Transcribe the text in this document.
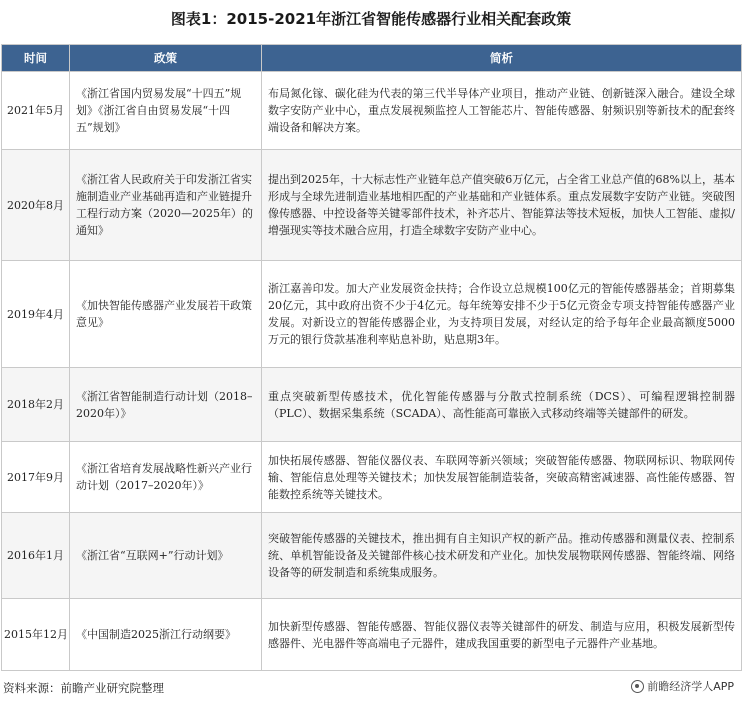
图表1：2015-2021年浙江省智能传感器行业相关配套政策
时间	政策	简析
2021年5月	《浙江省国内贸易发展“十四五”规划》《浙江省自由贸易发展“十四五”规划》	布局氮化镓、碳化硅为代表的第三代半导体产业项目，推动产业链、创新链深入融合。建设全球数字安防产业中心，重点发展视频监控人工智能芯片、智能传感器、射频识别等新技术的配套终端设备和解决方案。
2020年8月	《浙江省人民政府关于印发浙江省实施制造业产业基础再造和产业链提升工程行动方案（2020—2025年）的通知》	提出到2025年，十大标志性产业链年总产值突破6万亿元，占全省工业总产值的68%以上，基本形成与全球先进制造业基地相匹配的产业基础和产业链体系。重点发展数字安防产业链。突破图像传感器、中控设备等关键零部件技术，补齐芯片、智能算法等技术短板，加快人工智能、虚拟/增强现实等技术融合应用，打造全球数字安防产业中心。
2019年4月	《加快智能传感器产业发展若干政策意见》	浙江嘉善印发。加大产业发展资金扶持；合作设立总规模100亿元的智能传感器基金；首期募集20亿元，其中政府出资不少于4亿元。每年统筹安排不少于5亿元资金专项支持智能传感器产业发展。对新设立的智能传感器企业，为支持项目发展，对经认定的给予每年企业最高额度5000万元的银行贷款基准利率贴息补助，贴息期3年。
2018年2月	《浙江省智能制造行动计划（2018–2020年）》	重点突破新型传感技术，优化智能传感器与分散式控制系统（DCS）、可编程逻辑控制器（PLC）、数据采集系统（SCADA）、高性能高可靠嵌入式移动终端等关键部件的研发。
2017年9月	《浙江省培育发展战略性新兴产业行动计划（2017–2020年）》	加快拓展传感器、智能仪器仪表、车联网等新兴领域；突破智能传感器、物联网标识、物联网传输、智能信息处理等关键技术；加快发展智能制造装备，突破高精密减速器、高性能传感器、智能数控系统等关键技术。
2016年1月	《浙江省“互联网+”行动计划》	突破智能传感器的关键技术，推出拥有自主知识产权的新产品。推动传感器和测量仪表、控制系统、单机智能设备及关键部件核心技术研发和产业化。加快发展物联网传感器、智能终端、网络设备等的研发制造和系统集成服务。
2015年12月	《中国制造2025浙江行动纲要》	加快新型传感器、智能传感器、智能仪器仪表等关键部件的研发、制造与应用，积极发展新型传感器件、光电器件等高端电子元器件，建成我国重要的新型电子元器件产业基地。
资料来源：前瞻产业研究院整理	前瞻经济学人APP
